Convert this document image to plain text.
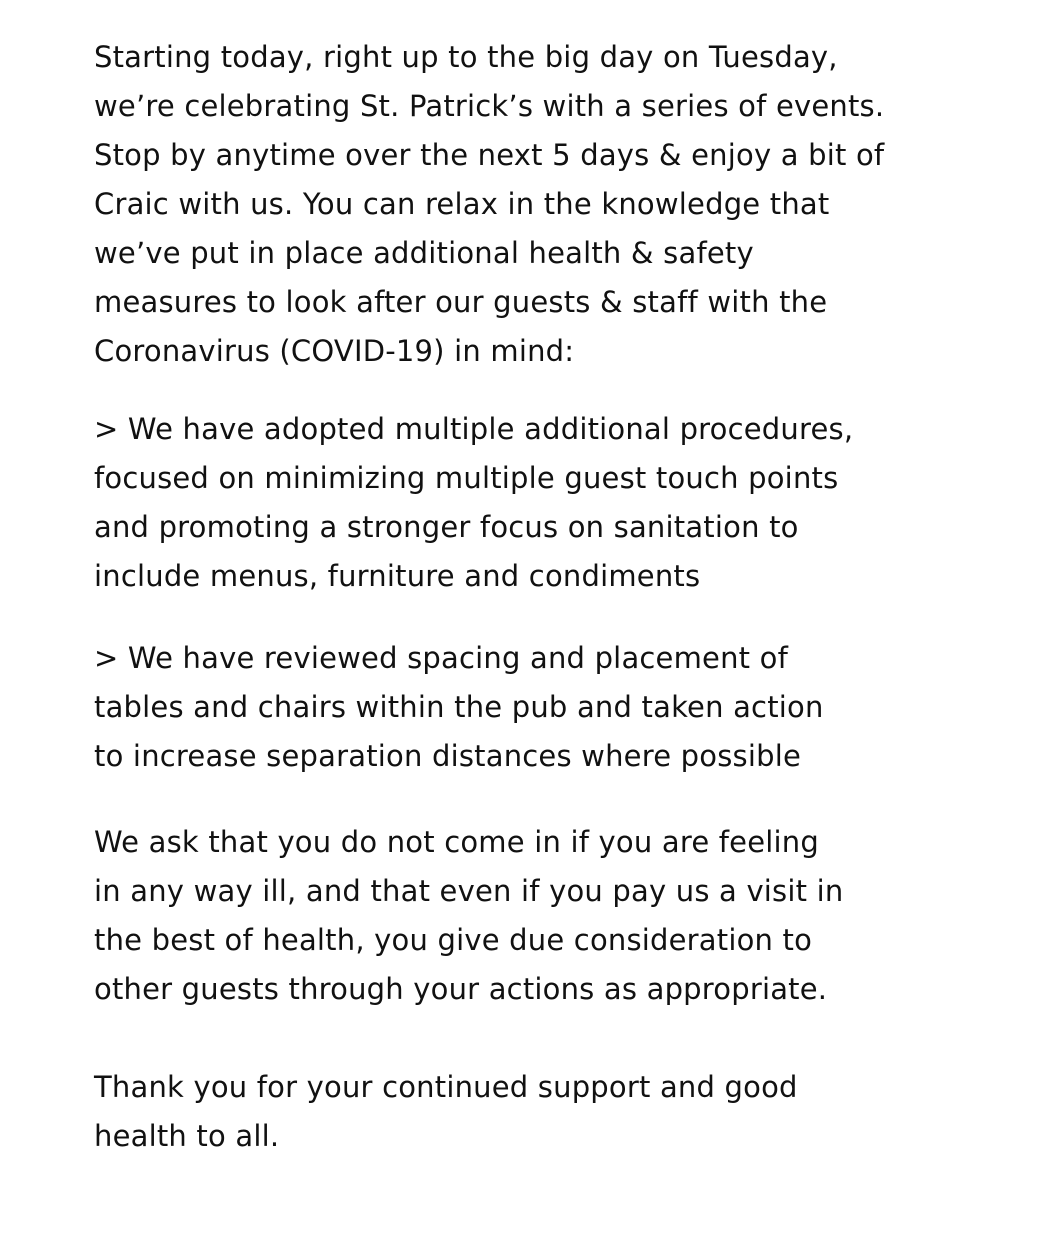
Starting today, right up to the big day on Tuesday,
we’re celebrating St. Patrick’s with a series of events.
Stop by anytime over the next 5 days & enjoy a bit of
Craic with us. You can relax in the knowledge that
we’ve put in place additional health & safety
measures to look after our guests & staff with the
Coronavirus (COVID-19) in mind:

> We have adopted multiple additional procedures,
focused on minimizing multiple guest touch points
and promoting a stronger focus on sanitation to
include menus, furniture and condiments

> We have reviewed spacing and placement of
tables and chairs within the pub and taken action
to increase separation distances where possible

We ask that you do not come in if you are feeling
in any way ill, and that even if you pay us a visit in
the best of health, you give due consideration to
other guests through your actions as appropriate.

Thank you for your continued support and good
health to all.
